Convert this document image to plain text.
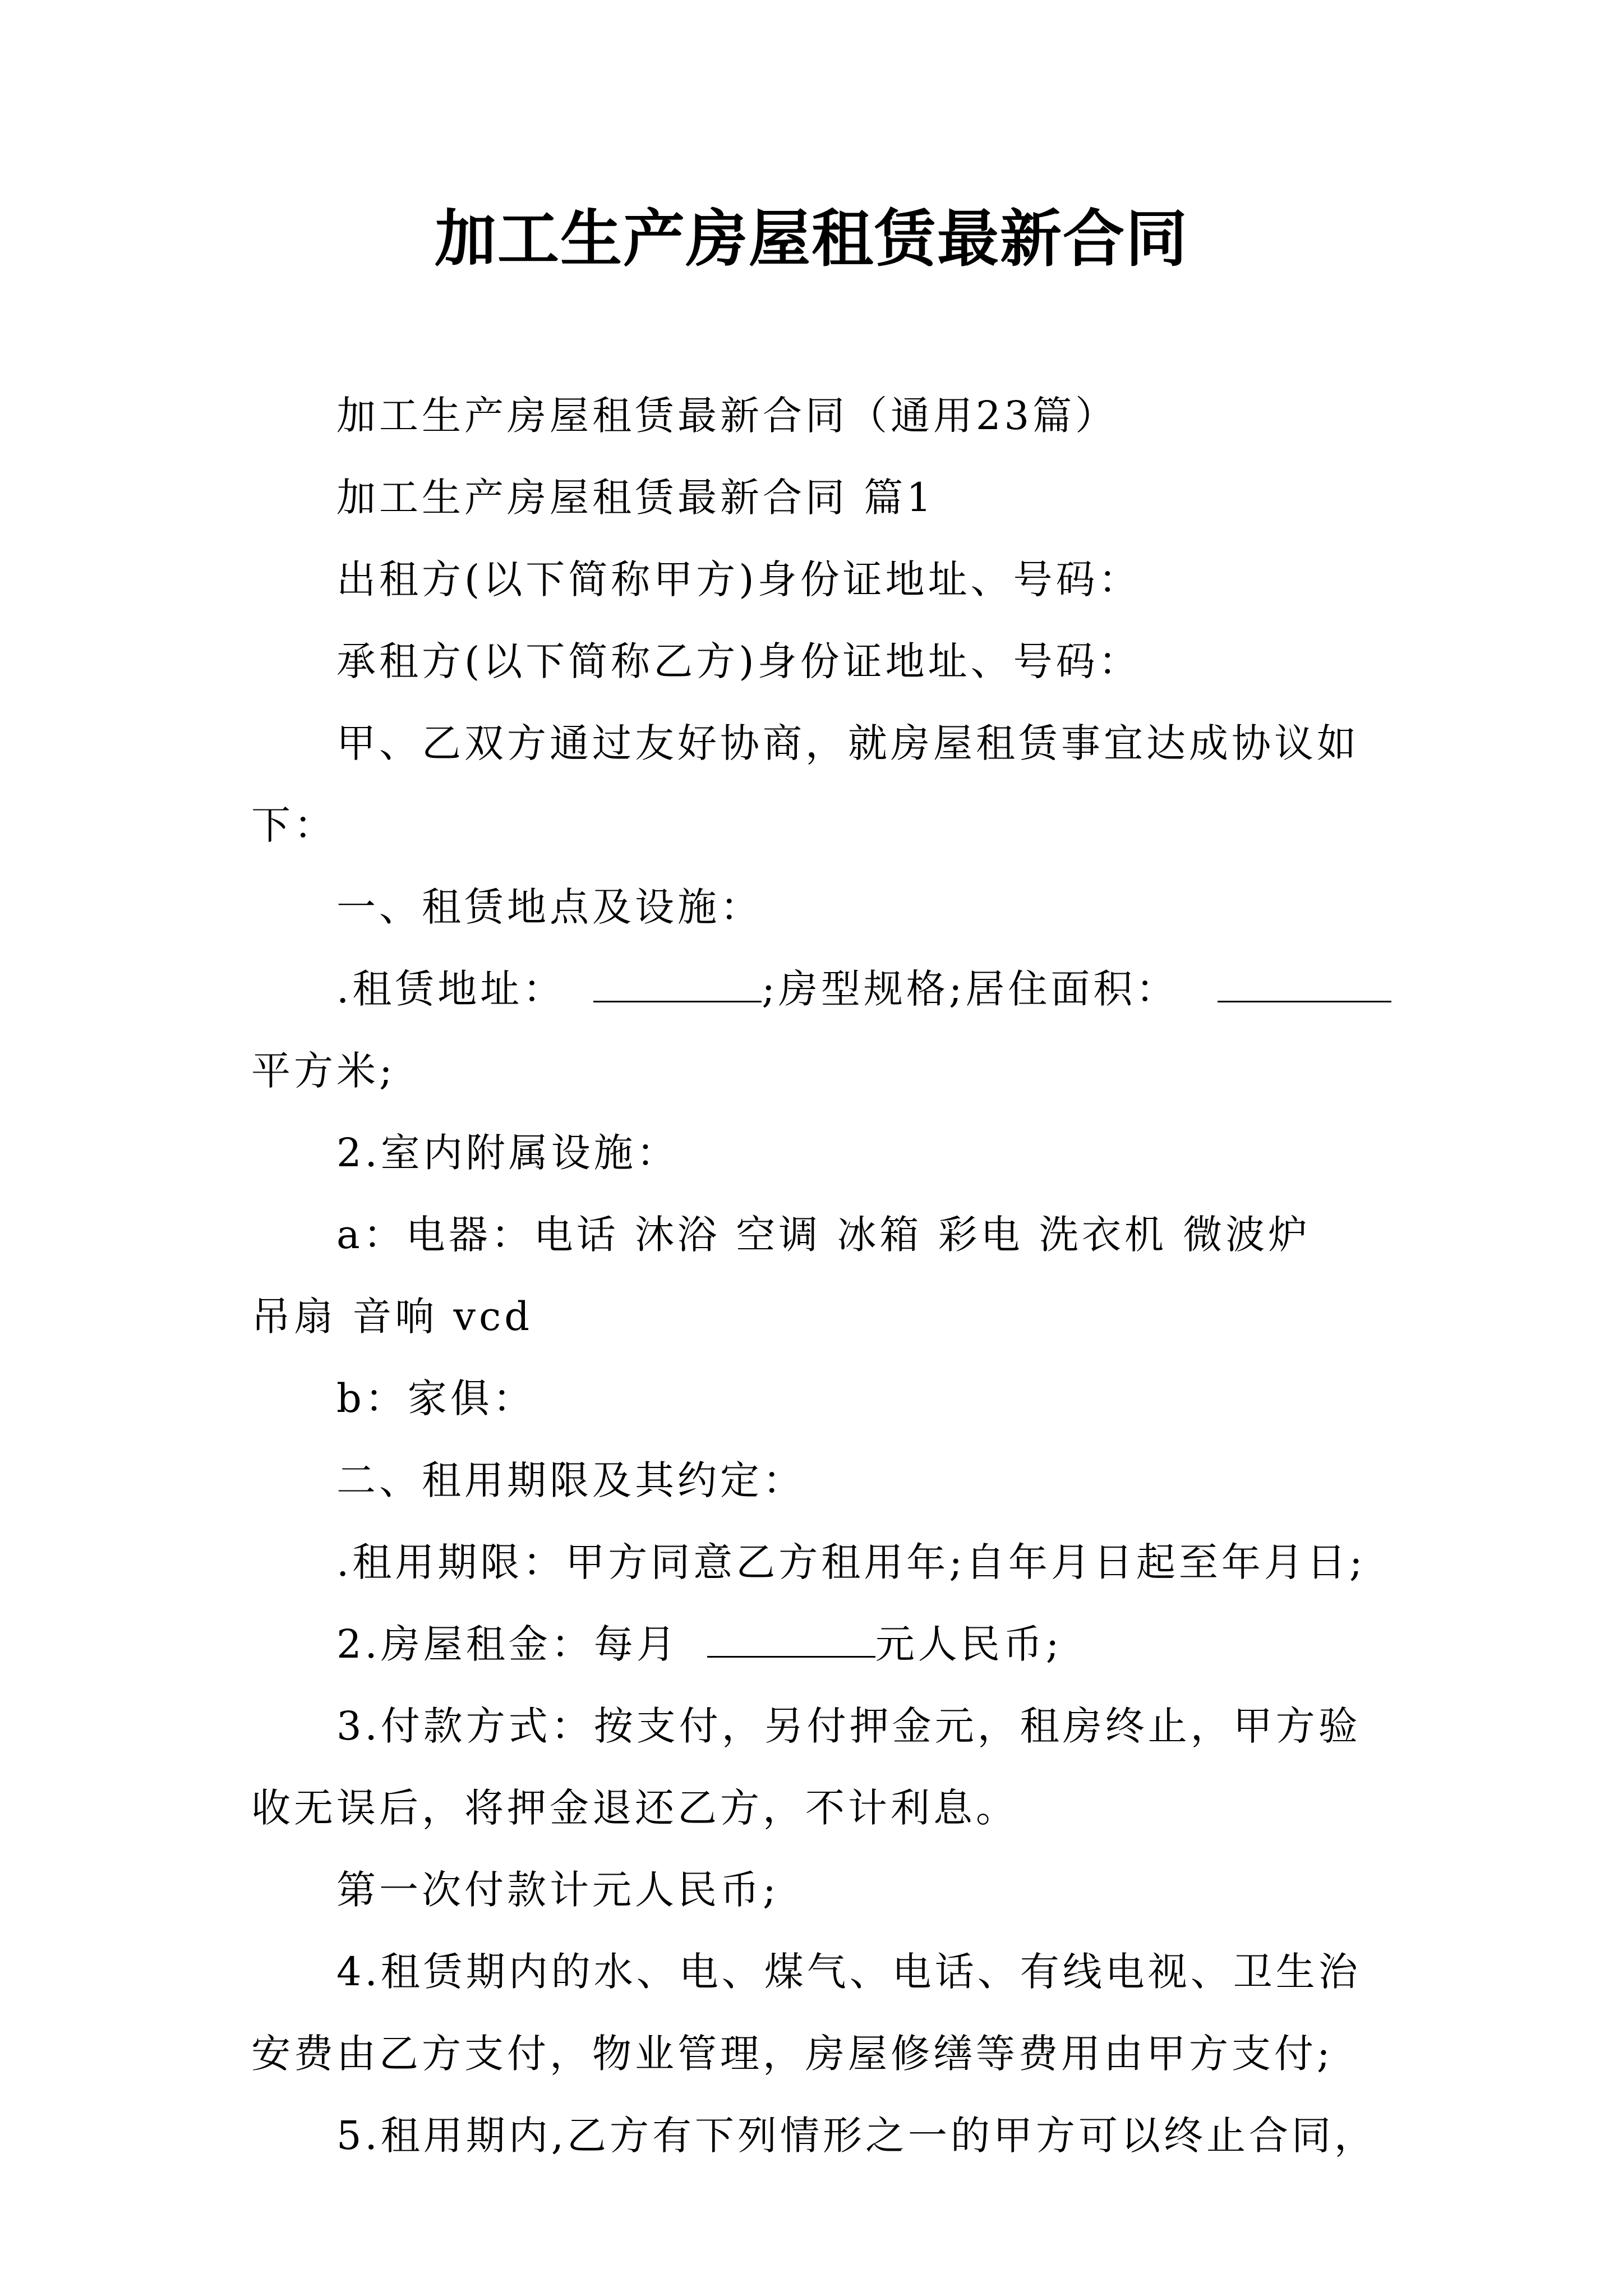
加工生产房屋租赁最新合同

加工生产房屋租赁最新合同（通用23篇）

加工生产房屋租赁最新合同 篇1

出租方(以下简称甲方)身份证地址、号码：

承租方(以下简称乙方)身份证地址、号码：

甲、乙双方通过友好协商，就房屋租赁事宜达成协议如

下：

一、租赁地点及设施：

.租赁地址：	;房型规格;居住面积：

平方米;

2.室内附属设施：

a：电器：电话 沐浴 空调 冰箱 彩电 洗衣机 微波炉

吊扇 音响 vcd

b：家俱：

二、租用期限及其约定：

.租用期限：甲方同意乙方租用年;自年月日起至年月日;

2.房屋租金：每月	元人民币;

3.付款方式：按支付，另付押金元，租房终止，甲方验

收无误后，将押金退还乙方，不计利息。

第一次付款计元人民币;

4.租赁期内的水、电、煤气、电话、有线电视、卫生治

安费由乙方支付，物业管理，房屋修缮等费用由甲方支付;

5.租用期内,乙方有下列情形之一的甲方可以终止合同，
